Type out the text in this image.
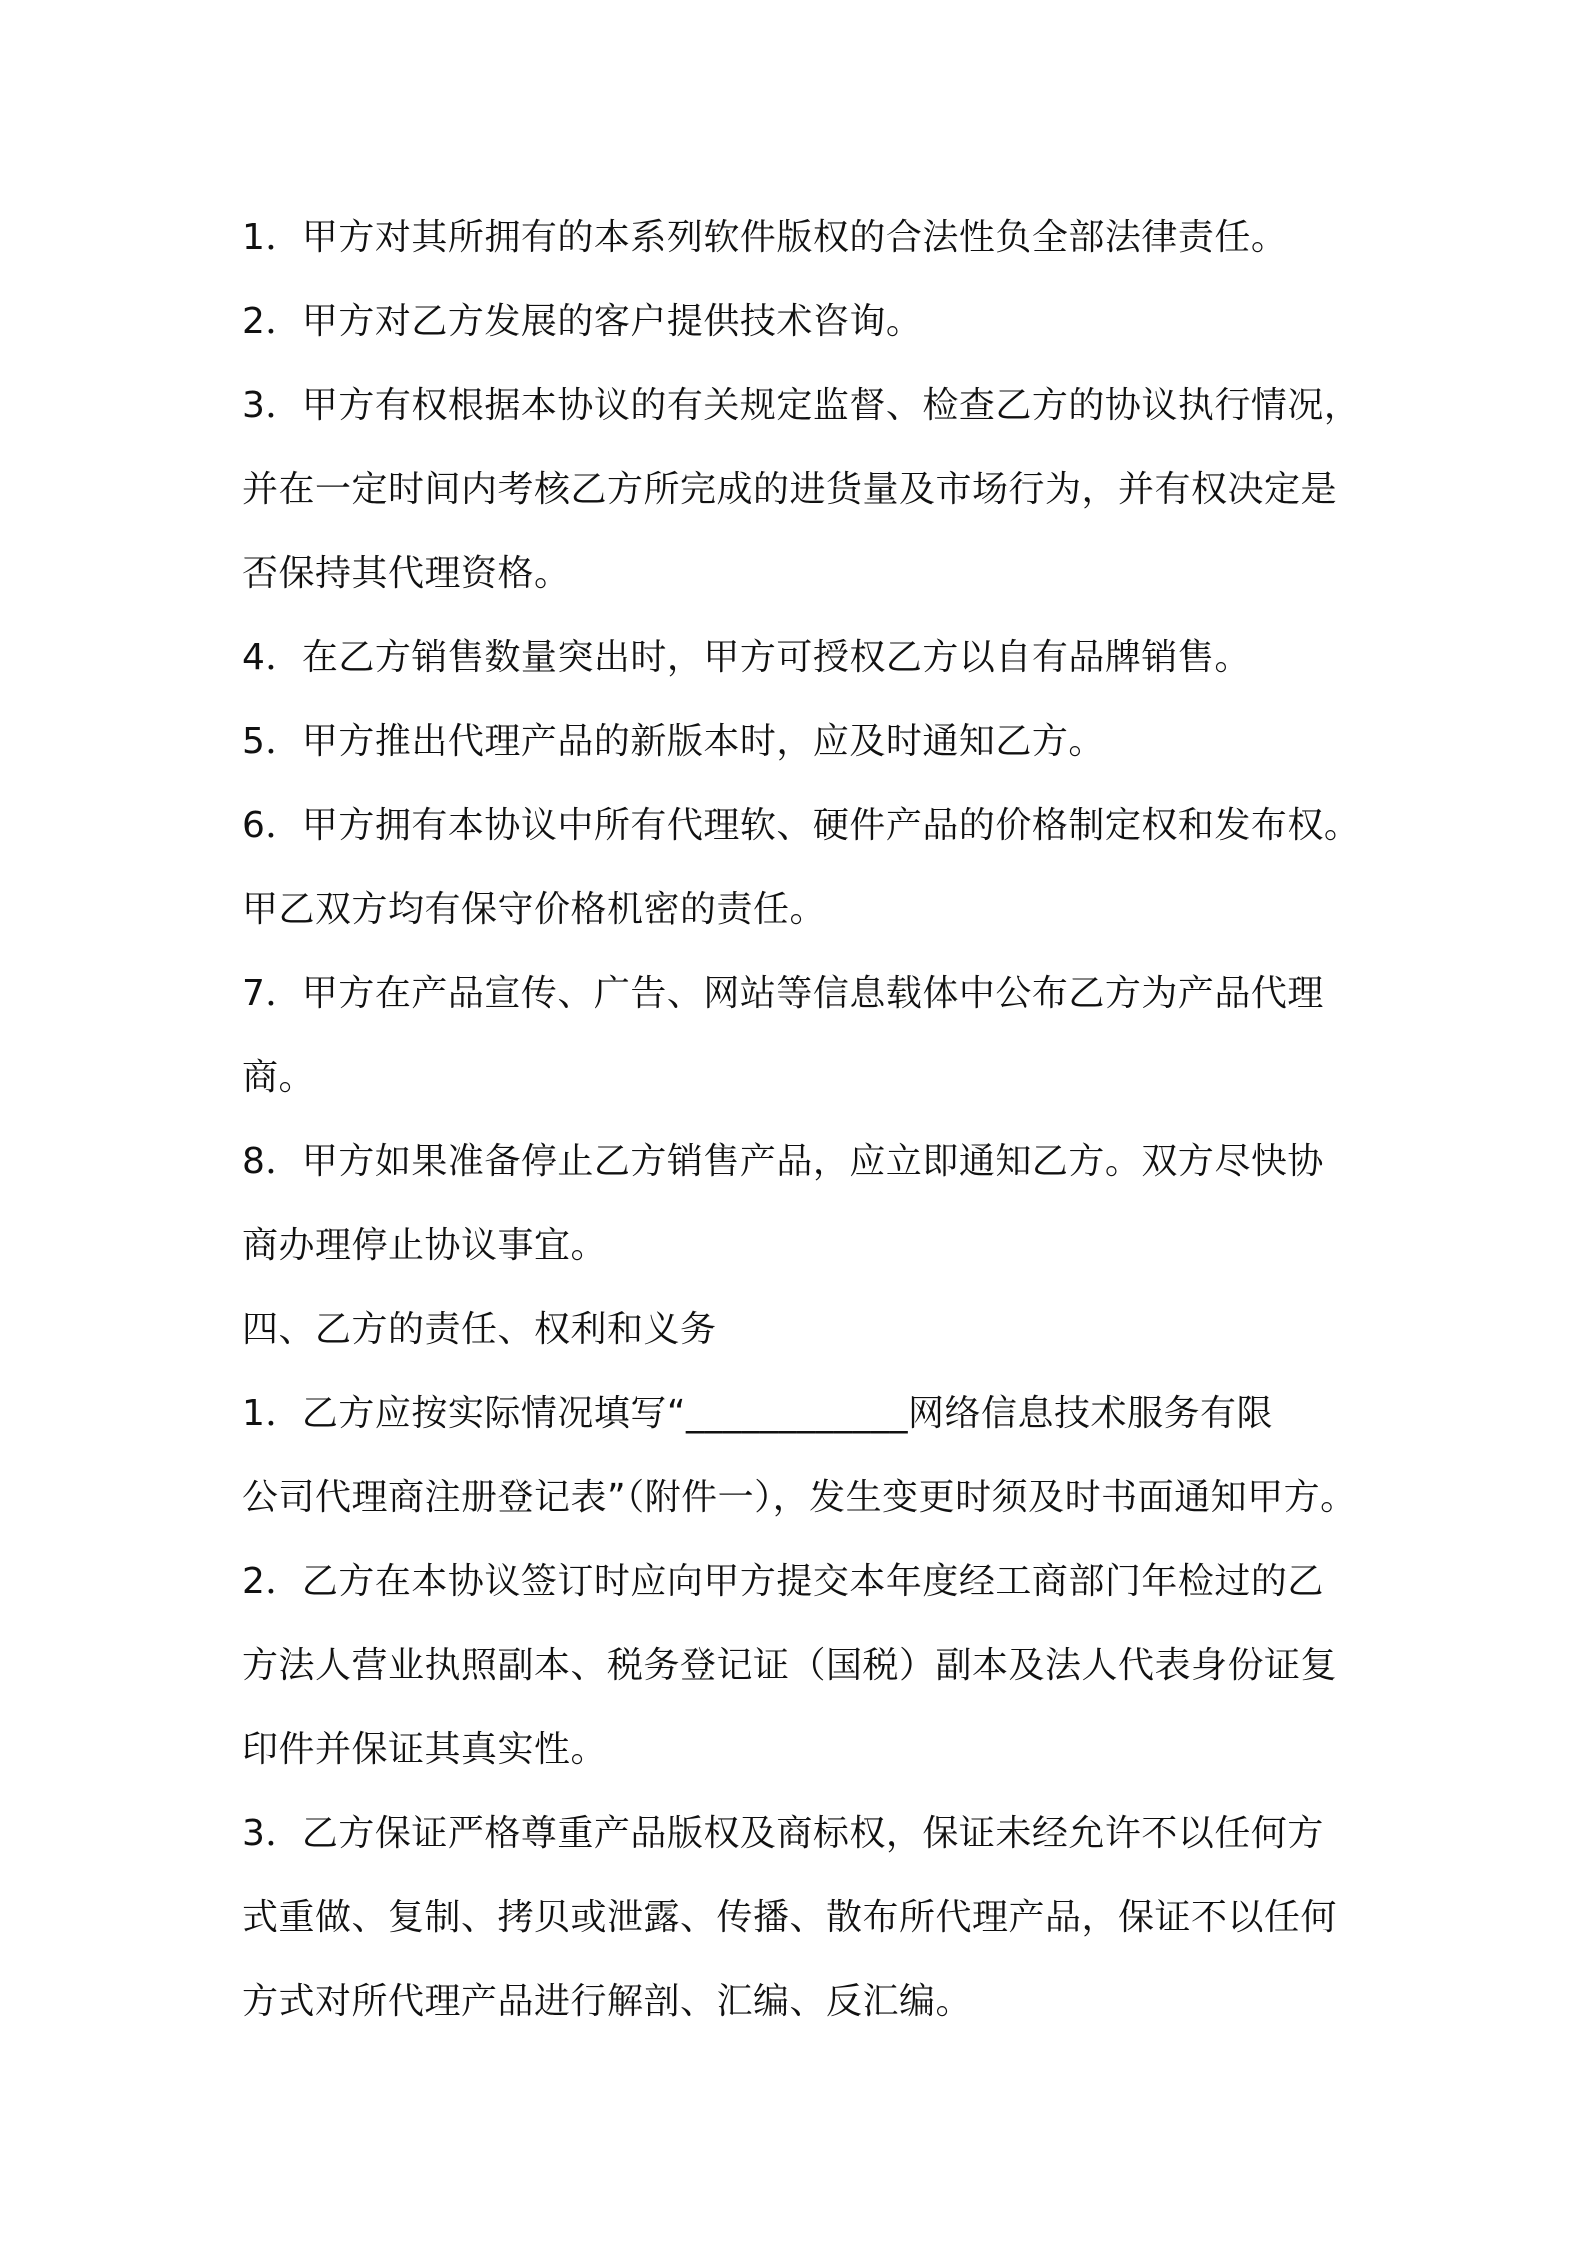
1．甲方对其所拥有的本系列软件版权的合法性负全部法律责任。
2．甲方对乙方发展的客户提供技术咨询。
3．甲方有权根据本协议的有关规定监督、检查乙方的协议执行情况，
并在一定时间内考核乙方所完成的进货量及市场行为，并有权决定是
否保持其代理资格。
4．在乙方销售数量突出时，甲方可授权乙方以自有品牌销售。
5．甲方推出代理产品的新版本时，应及时通知乙方。
6．甲方拥有本协议中所有代理软、硬件产品的价格制定权和发布权。
甲乙双方均有保守价格机密的责任。
7．甲方在产品宣传、广告、网站等信息载体中公布乙方为产品代理
商。
8．甲方如果准备停止乙方销售产品，应立即通知乙方。双方尽快协
商办理停止协议事宜。
四、乙方的责任、权利和义务
1．乙方应按实际情况填写“____________网络信息技术服务有限
公司代理商注册登记表”（附件一），发生变更时须及时书面通知甲方。
2．乙方在本协议签订时应向甲方提交本年度经工商部门年检过的乙
方法人营业执照副本、税务登记证（国税）副本及法人代表身份证复
印件并保证其真实性。
3．乙方保证严格尊重产品版权及商标权，保证未经允许不以任何方
式重做、复制、拷贝或泄露、传播、散布所代理产品，保证不以任何
方式对所代理产品进行解剖、汇编、反汇编。
